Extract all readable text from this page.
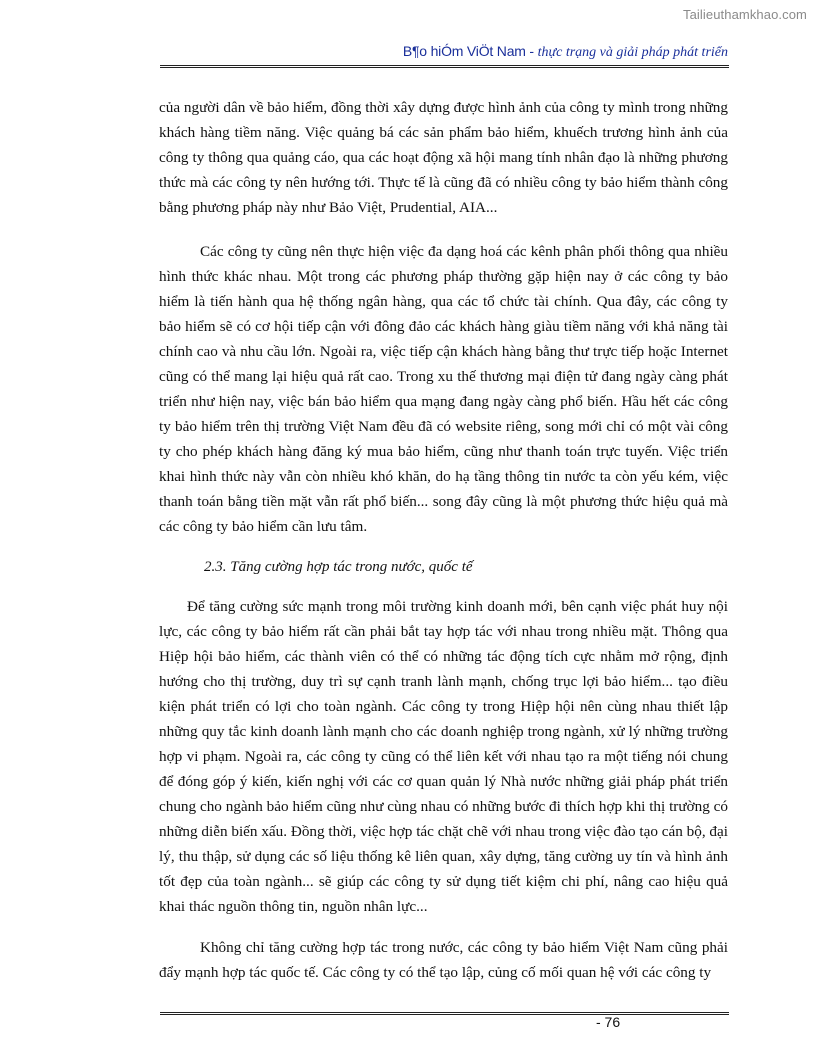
Tailieuthamkhao.com
B¶o hiÓm ViÖt Nam - thực trạng và giải pháp phát triển

của người dân về bảo hiểm, đồng thời xây dựng được hình ảnh của công ty mình trong những khách hàng tiềm năng. Việc quảng bá các sản phẩm bảo hiểm, khuếch trương hình ảnh của công ty thông qua quảng cáo, qua các hoạt động xã hội mang tính nhân đạo là những phương thức mà các công ty nên hướng tới. Thực tế là cũng đã có nhiều công ty bảo hiểm thành công bằng phương pháp này như Bảo Việt, Prudential, AIA...

Các công ty cũng nên thực hiện việc đa dạng hoá các kênh phân phối thông qua nhiều hình thức khác nhau. Một trong các phương pháp thường gặp hiện nay ở các công ty bảo hiểm là tiến hành qua hệ thống ngân hàng, qua các tổ chức tài chính. Qua đây, các công ty bảo hiểm sẽ có cơ hội tiếp cận với đông đảo các khách hàng giàu tiềm năng với khả năng tài chính cao và nhu cầu lớn. Ngoài ra, việc tiếp cận khách hàng bằng thư trực tiếp hoặc Internet cũng có thể mang lại hiệu quả rất cao. Trong xu thế thương mại điện tử đang ngày càng phát triển như hiện nay, việc bán bảo hiểm qua mạng đang ngày càng phổ biến. Hầu hết các công ty bảo hiểm trên thị trường Việt Nam đều đã có website riêng, song mới chỉ có một vài công ty cho phép khách hàng đăng ký mua bảo hiểm, cũng như thanh toán trực tuyến. Việc triển khai hình thức này vẫn còn nhiều khó khăn, do hạ tầng thông tin nước ta còn yếu kém, việc thanh toán bằng tiền mặt vẫn rất phổ biến... song đây cũng là một phương thức hiệu quả mà các công ty bảo hiểm cần lưu tâm.

2.3. Tăng cường hợp tác trong nước, quốc tế

Để tăng cường sức mạnh trong môi trường kinh doanh mới, bên cạnh việc phát huy nội lực, các công ty bảo hiểm rất cần phải bắt tay hợp tác với nhau trong nhiều mặt. Thông qua Hiệp hội bảo hiểm, các thành viên có thể có những tác động tích cực nhằm mở rộng, định hướng cho thị trường, duy trì sự cạnh tranh lành mạnh, chống trục lợi bảo hiểm... tạo điều kiện phát triển có lợi cho toàn ngành. Các công ty trong Hiệp hội nên cùng nhau thiết lập những quy tắc kinh doanh lành mạnh cho các doanh nghiệp trong ngành, xử lý những trường hợp vi phạm. Ngoài ra, các công ty cũng có thể liên kết với nhau tạo ra một tiếng nói chung để đóng góp ý kiến, kiến nghị với các cơ quan quản lý Nhà nước những giải pháp phát triển chung cho ngành bảo hiểm cũng như cùng nhau có những bước đi thích hợp khi thị trường có những diễn biến xấu. Đồng thời, việc hợp tác chặt chẽ với nhau trong việc đào tạo cán bộ, đại lý, thu thập, sử dụng các số liệu thống kê liên quan, xây dựng, tăng cường uy tín và hình ảnh tốt đẹp của toàn ngành... sẽ giúp các công ty sử dụng tiết kiệm chi phí, nâng cao hiệu quả khai thác nguồn thông tin, nguồn nhân lực...

Không chỉ tăng cường hợp tác trong nước, các công ty bảo hiểm Việt Nam cũng phải đẩy mạnh hợp tác quốc tế. Các công ty có thể tạo lập, củng cố mối quan hệ với các công ty

- 76
